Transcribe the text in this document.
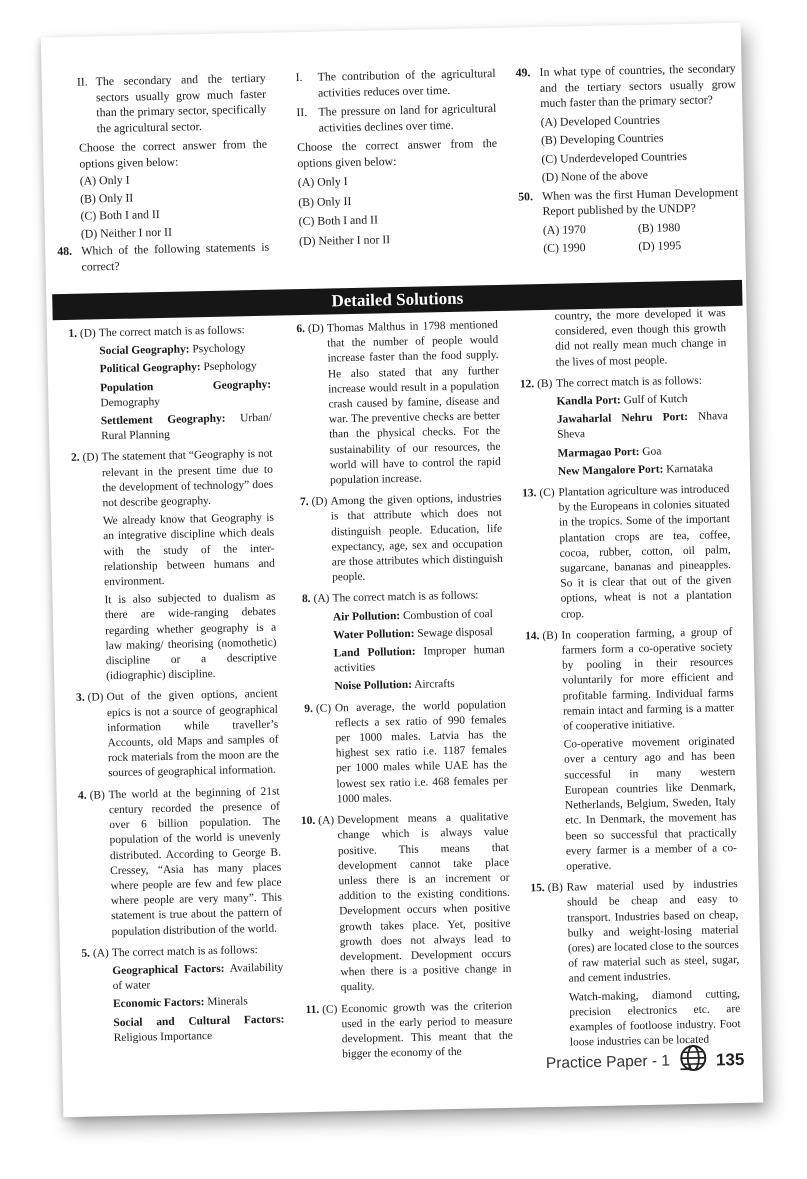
II. The secondary and the tertiary sectors usually grow much faster than the primary sector, specifically the agricultural sector.
Choose the correct answer from the options given below:
(A) Only I
(B) Only II
(C) Both I and II
(D) Neither I nor II
48. Which of the following statements is correct?
I.	The contribution of the agricultural activities reduces over time.
II. The pressure on land for agricultural activities declines over time.
Choose the correct answer from the options given below:
(A) Only I
(B) Only II
(C) Both I and II
(D) Neither I nor II
49. In what type of countries, the secondary and the tertiary sectors usually grow much faster than the primary sector?
(A) Developed Countries
(B) Developing Countries
(C) Underdeveloped Countries
(D) None of the above
50. When was the first Human Development Report published by the UNDP?
(A) 1970	(B) 1980
(C) 1990	(D) 1995
Detailed Solutions
1. (D) The correct match is as follows:
Social Geography: Psychology
Political Geography: Psephology
Population Geography: Demography
Settlement Geography: Urban/ Rural Planning
2. (D) The statement that “Geography is not relevant in the present time due to the development of technology” does not describe geography.
We already know that Geography is an integrative discipline which deals with the study of the inter-relationship between humans and environment.
It is also subjected to dualism as there are wide-ranging debates regarding whether geography is a law making/ theorising (nomothetic) discipline or a descriptive (idiographic) discipline.
3. (D) Out of the given options, ancient epics is not a source of geographical information while traveller’s Accounts, old Maps and samples of rock materials from the moon are the sources of geographical information.
4. (B) The world at the beginning of 21st century recorded the presence of over 6 billion population. The population of the world is unevenly distributed. According to George B. Cressey, “Asia has many places where people are few and few place where people are very many”. This statement is true about the pattern of population distribution of the world.
5. (A) The correct match is as follows:
Geographical Factors: Availability of water
Economic Factors: Minerals
Social and Cultural Factors: Religious Importance
6. (D) Thomas Malthus in 1798 mentioned that the number of people would increase faster than the food supply. He also stated that any further increase would result in a population crash caused by famine, disease and war. The preventive checks are better than the physical checks. For the sustainability of our resources, the world will have to control the rapid population increase.
7. (D) Among the given options, industries is that attribute which does not distinguish people. Education, life expectancy, age, sex and occupation are those attributes which distinguish people.
8. (A) The correct match is as follows:
Air Pollution: Combustion of coal
Water Pollution: Sewage disposal
Land Pollution: Improper human activities
Noise Pollution: Aircrafts
9. (C) On average, the world population reflects a sex ratio of 990 females per 1000 males. Latvia has the highest sex ratio i.e. 1187 females per 1000 males while UAE has the lowest sex ratio i.e. 468 females per 1000 males.
10. (A) Development means a qualitative change which is always value positive. This means that development cannot take place unless there is an increment or addition to the existing conditions. Development occurs when positive growth takes place. Yet, positive growth does not always lead to development. Development occurs when there is a positive change in quality.
11. (C) Economic growth was the criterion used in the early period to measure development. This meant that the bigger the economy of the
country, the more developed it was considered, even though this growth did not really mean much change in the lives of most people.
12. (B) The correct match is as follows:
Kandla Port: Gulf of Kutch
Jawaharlal Nehru Port: Nhava Sheva
Marmagao Port: Goa
New Mangalore Port: Karnataka
13. (C) Plantation agriculture was introduced by the Europeans in colonies situated in the tropics. Some of the important plantation crops are tea, coffee, cocoa, rubber, cotton, oil palm, sugarcane, bananas and pineapples. So it is clear that out of the given options, wheat is not a plantation crop.
14. (B) In cooperation farming, a group of farmers form a co-operative society by pooling in their resources voluntarily for more efficient and profitable farming. Individual farms remain intact and farming is a matter of cooperative initiative.
Co-operative movement originated over a century ago and has been successful in many western European countries like Denmark, Netherlands, Belgium, Sweden, Italy etc. In Denmark, the movement has been so successful that practically every farmer is a member of a co-operative.
15. (B) Raw material used by industries should be cheap and easy to transport. Industries based on cheap, bulky and weight-losing material (ores) are located close to the sources of raw material such as steel, sugar, and cement industries.
Watch-making, diamond cutting, precision electronics etc. are examples of footloose industry. Foot loose industries can be located
Practice Paper - 1	135
